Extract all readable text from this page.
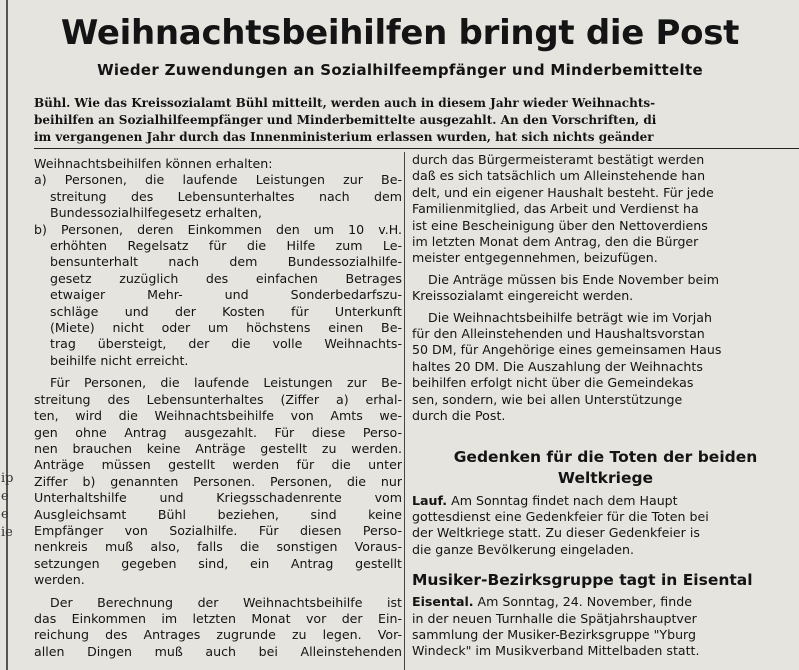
ip
e
e
ie
Weihnachtsbeihilfen bringt die Post
Wieder Zuwendungen an Sozialhilfeempfänger und Minderbemittelte
Bühl. Wie das Kreissozialamt Bühl mitteilt, werden auch in diesem Jahr wieder Weihnachts-
beihilfen an Sozialhilfeempfänger und Minderbemittelte ausgezahlt. An den Vorschriften, di
im vergangenen Jahr durch das Innenministerium erlassen wurden, hat sich nichts geänder
Weihnachtsbeihilfen können erhalten:
a) Personen, die laufende Leistungen zur Be-
streitung des Lebensunterhaltes nach dem
Bundessozialhilfegesetz erhalten,
b) Personen, deren Einkommen den um 10 v.H.
erhöhten Regelsatz für die Hilfe zum Le-
bensunterhalt nach dem Bundessozialhilfe-
gesetz zuzüglich des einfachen Betrages
etwaiger Mehr- und Sonderbedarfszu-
schläge und der Kosten für Unterkunft
(Miete) nicht oder um höchstens einen Be-
trag übersteigt, der die volle Weihnachts-
beihilfe nicht erreicht.
Für Personen, die laufende Leistungen zur Be-
streitung des Lebensunterhaltes (Ziffer a) erhal-
ten, wird die Weihnachtsbeihilfe von Amts we-
gen ohne Antrag ausgezahlt. Für diese Perso-
nen brauchen keine Anträge gestellt zu werden.
Anträge müssen gestellt werden für die unter
Ziffer b) genannten Personen. Personen, die nur
Unterhaltshilfe und Kriegsschadenrente vom
Ausgleichsamt Bühl beziehen, sind keine
Empfänger von Sozialhilfe. Für diesen Perso-
nenkreis muß also, falls die sonstigen Voraus-
setzungen gegeben sind, ein Antrag gestellt
werden.
Der Berechnung der Weihnachtsbeihilfe ist
das Einkommen im letzten Monat vor der Ein-
reichung des Antrages zugrunde zu legen. Vor-
allen Dingen muß auch bei Alleinstehenden
durch das Bürgermeisteramt bestätigt werden
daß es sich tatsächlich um Alleinstehende han
delt, und ein eigener Haushalt besteht. Für jede
Familienmitglied, das Arbeit und Verdienst ha
ist eine Bescheinigung über den Nettoverdiens
im letzten Monat dem Antrag, den die Bürger
meister entgegennehmen, beizufügen.
Die Anträge müssen bis Ende November beim
Kreissozialamt eingereicht werden.
Die Weihnachtsbeihilfe beträgt wie im Vorjah
für den Alleinstehenden und Haushaltsvorstan
50 DM, für Angehörige eines gemeinsamen Haus
haltes 20 DM. Die Auszahlung der Weihnachts
beihilfen erfolgt nicht über die Gemeindekas
sen, sondern, wie bei allen Unterstützunge
durch die Post.
Gedenken für die Toten der beiden
Weltkriege
Lauf. Am Sonntag findet nach dem Haupt
gottesdienst eine Gedenkfeier für die Toten bei
der Weltkriege statt. Zu dieser Gedenkfeier is
die ganze Bevölkerung eingeladen.
Musiker-Bezirksgruppe tagt in Eisental
Eisental. Am Sonntag, 24. November, finde
in der neuen Turnhalle die Spätjahrshauptver
sammlung der Musiker-Bezirksgruppe "Yburg
Windeck" im Musikverband Mittelbaden statt.
